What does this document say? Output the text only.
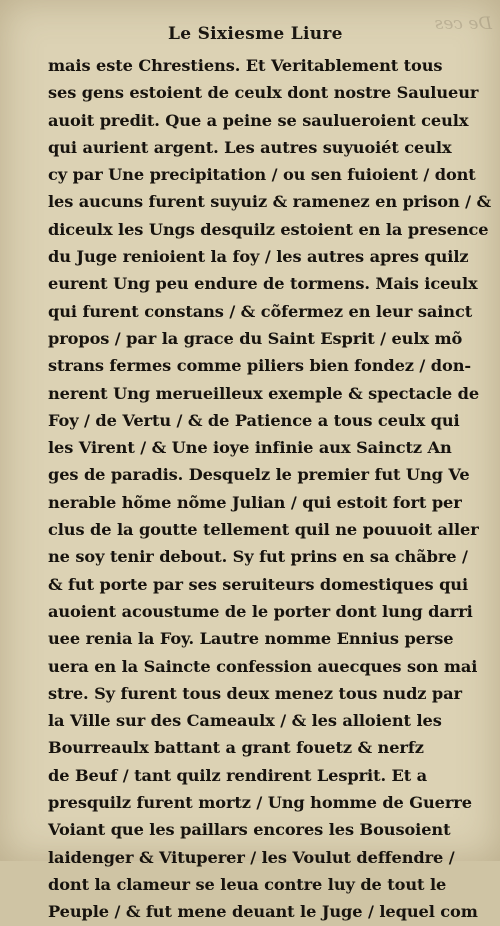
De ces
Le Sixiesme Liure
mais este Chrestiens. Et Veritablement tous
ses gens estoient de ceulx dont nostre Saulueur
auoit predit. Que a peine se saulueroient ceulx
qui aurient argent. Les autres suyuoiét ceulx
cy par Une precipitation / ou sen fuioient / dont
les aucuns furent suyuiz & ramenez en prison / &
diceulx les Ungs desquilz estoient en la presence
du Juge renioient la foy / les autres apres quilz
eurent Ung peu endure de tormens. Mais iceulx
qui furent constans / & cõfermez en leur sainct
propos / par la grace du Saint Esprit / eulx mõ
strans fermes comme piliers bien fondez / don-
nerent Ung merueilleux exemple & spectacle de
Foy / de Vertu / & de Patience a tous ceulx qui
les Virent / & Une ioye infinie aux Sainctz An
ges de paradis. Desquelz le premier fut Ung Ve
nerable hõme nõme Julian / qui estoit fort per
clus de la goutte tellement quil ne pouuoit aller
ne soy tenir debout. Sy fut prins en sa chãbre /
& fut porte par ses seruiteurs domestiques qui
auoient acoustume de le porter dont lung darri
uee renia la Foy. Lautre nomme Ennius perse
uera en la Saincte confession auecques son mai
stre. Sy furent tous deux menez tous nudz par
la Ville sur des Cameaulx / & les alloient les
Bourreaulx battant a grant fouetz & nerfz
de Beuf / tant quilz rendirent Lesprit. Et a
presquilz furent mortz / Ung homme de Guerre
Voiant que les paillars encores les Bousoient
laidenger & Vituperer / les Voulut deffendre /
dont la clameur se leua contre luy de tout le
Peuple / & fut mene deuant le Juge / lequel com
